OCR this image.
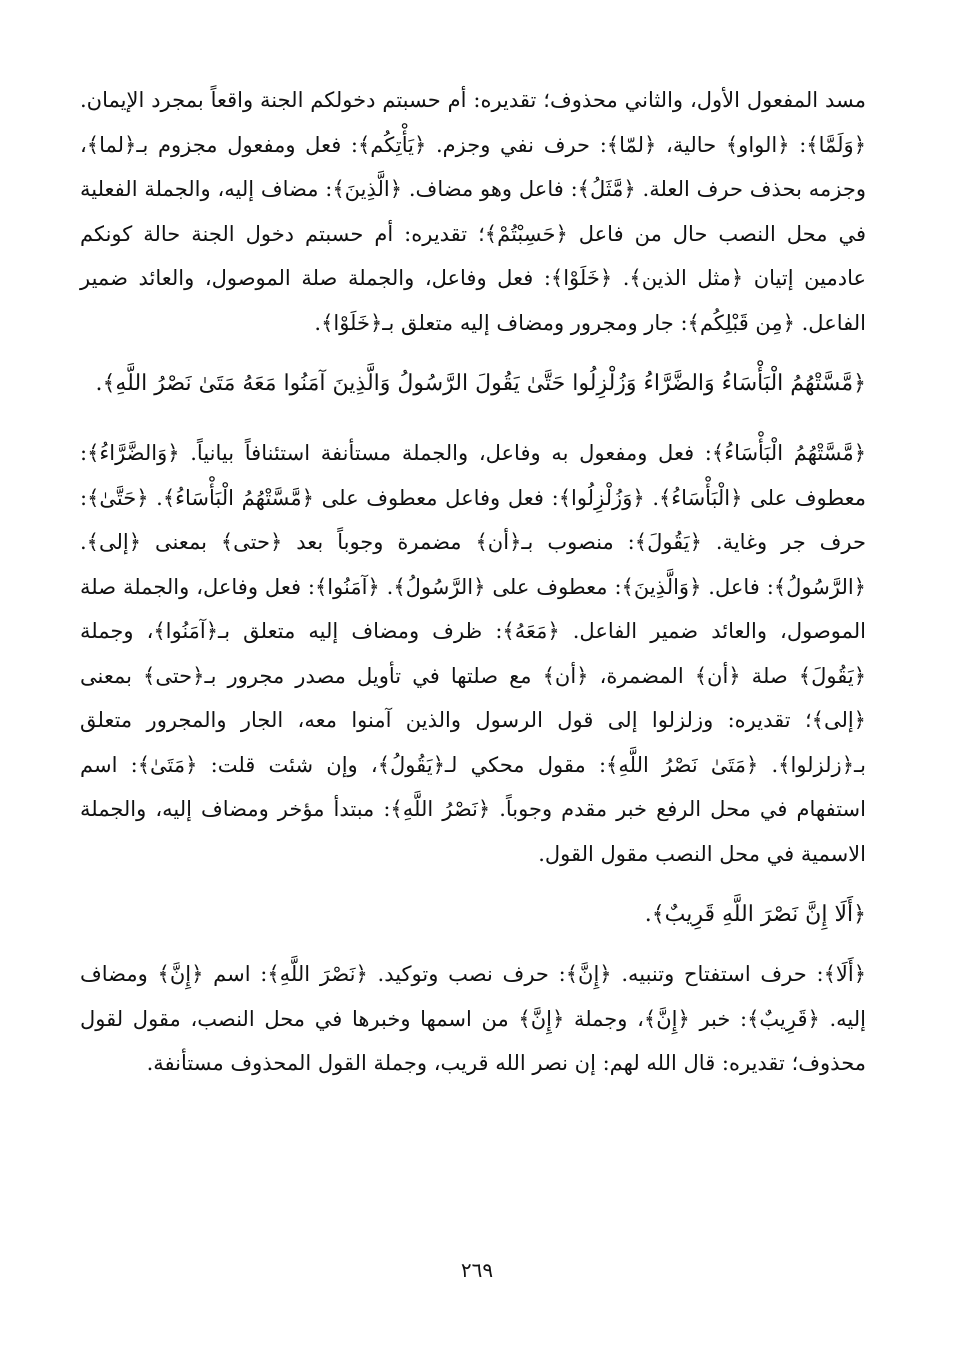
مسد المفعول الأول، والثاني محذوف؛ تقديره: أم حسبتم دخولكم الجنة واقعاً بمجرد الإيمان. ﴿وَلَمَّا﴾: ﴿الواو﴾ حالية، ﴿لمّا﴾: حرف نفي وجزم. ﴿يَأْتِكُم﴾: فعل ومفعول مجزوم بـ﴿لما﴾، وجزمه بحذف حرف العلة. ﴿مَّثَلُ﴾: فاعل وهو مضاف. ﴿الَّذِينَ﴾: مضاف إليه، والجملة الفعلية في محل النصب حال من فاعل ﴿حَسِبْتُمْ﴾؛ تقديره: أم حسبتم دخول الجنة حالة كونكم عادمين إتيان ﴿مثل الذين﴾. ﴿خَلَوْا﴾: فعل وفاعل، والجملة صلة الموصول، والعائد ضمير الفاعل. ﴿مِن قَبْلِكُم﴾: جار ومجرور ومضاف إليه متعلق بـ﴿خَلَوْا﴾.

﴿مَّسَّتْهُمُ الْبَأْسَاءُ وَالضَّرَّاءُ وَزُلْزِلُوا حَتَّىٰ يَقُولَ الرَّسُولُ وَالَّذِينَ آمَنُوا مَعَهُ مَتَىٰ نَصْرُ اللَّهِ﴾.

﴿مَّسَّتْهُمُ الْبَأْسَاءُ﴾: فعل ومفعول به وفاعل، والجملة مستأنفة استئنافاً بيانياً. ﴿وَالضَّرَّاءُ﴾: معطوف على ﴿الْبَأْسَاءُ﴾. ﴿وَزُلْزِلُوا﴾: فعل وفاعل معطوف على ﴿مَّسَّتْهُمُ الْبَأْسَاءُ﴾. ﴿حَتَّىٰ﴾: حرف جر وغاية. ﴿يَقُولَ﴾: منصوب بـ﴿أن﴾ مضمرة وجوباً بعد ﴿حتى﴾ بمعنى ﴿إلى﴾. ﴿الرَّسُولُ﴾: فاعل. ﴿وَالَّذِينَ﴾: معطوف على ﴿الرَّسُولُ﴾. ﴿آمَنُوا﴾: فعل وفاعل، والجملة صلة الموصول، والعائد ضمير الفاعل. ﴿مَعَهُ﴾: ظرف ومضاف إليه متعلق بـ﴿آمَنُوا﴾، وجملة ﴿يَقُولَ﴾ صلة ﴿أن﴾ المضمرة، ﴿أن﴾ مع صلتها في تأويل مصدر مجرور بـ﴿حتى﴾ بمعنى ﴿إلى﴾؛ تقديره: وزلزلوا إلى قول الرسول والذين آمنوا معه، الجار والمجرور متعلق بـ﴿زلزلوا﴾. ﴿مَتَىٰ نَصْرُ اللَّهِ﴾: مقول محكي لـ﴿يَقُولُ﴾، وإن شئت قلت: ﴿مَتَىٰ﴾: اسم استفهام في محل الرفع خبر مقدم وجوباً. ﴿نَصْرُ اللَّهِ﴾: مبتدأ مؤخر ومضاف إليه، والجملة الاسمية في محل النصب مقول القول.

﴿أَلَا إِنَّ نَصْرَ اللَّهِ قَرِيبٌ﴾.

﴿أَلَا﴾: حرف استفتاح وتنبيه. ﴿إِنَّ﴾: حرف نصب وتوكيد. ﴿نَصْرَ اللَّهِ﴾: اسم ﴿إِنَّ﴾ ومضاف إليه. ﴿قَرِيبٌ﴾: خبر ﴿إِنَّ﴾، وجملة ﴿إِنَّ﴾ من اسمها وخبرها في محل النصب، مقول لقول محذوف؛ تقديره: قال الله لهم: إن نصر الله قريب، وجملة القول المحذوف مستأنفة.

٢٦٩
